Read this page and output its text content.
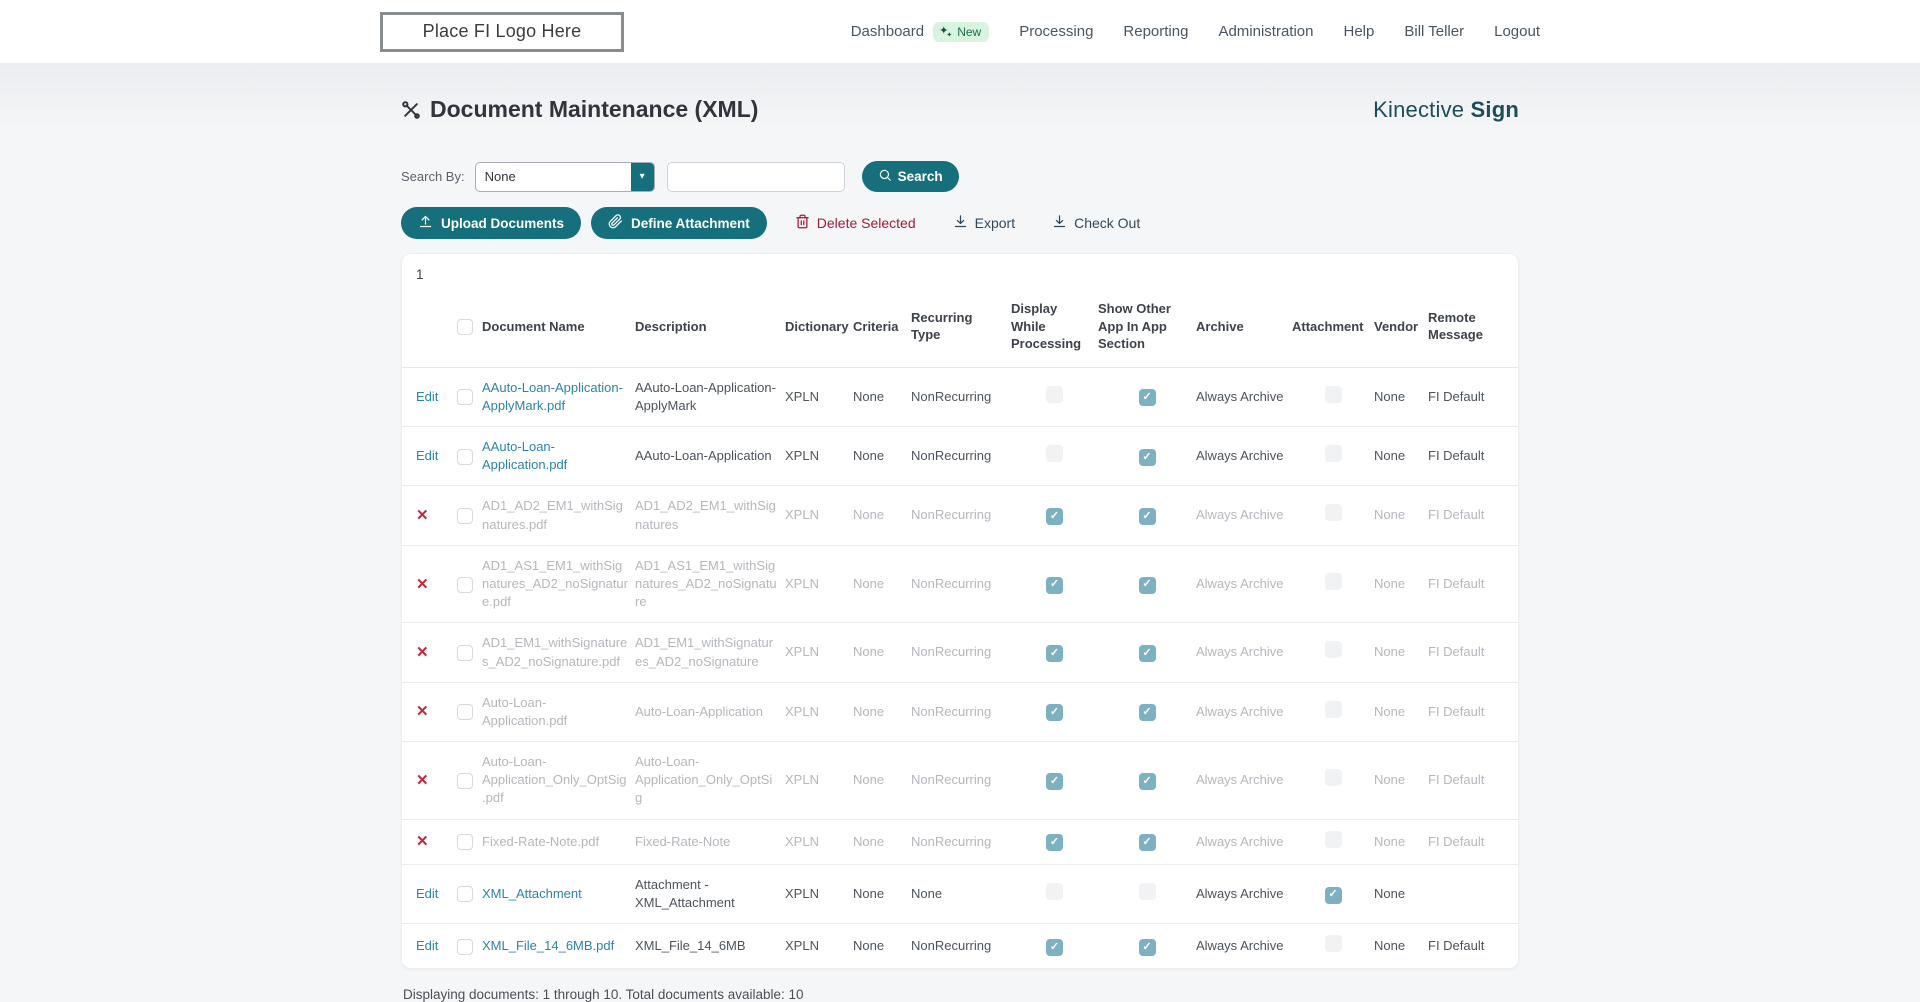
Place FI Logo Here	Dashboard $✦_✦$ New	Processing Reporting Administration Help Bill Teller Logout
Document Maintenance (XML)	Kinective Sign
Search By:	None	▾	Search
Upload Documents	Define Attachment	Delete Selected	Export	Check Out
1
		Document Name	Description	Dictionary	Criteria	Recurring Type	Display While Processing	Show Other App In App Section	Archive	Attachment	Vendor	Remote Message
Edit		AAuto-Loan-Application-ApplyMark.pdf	AAuto-Loan-Application-ApplyMark	XPLN	None	NonRecurring		✓	Always Archive		None	FI Default
Edit		AAuto-Loan-Application.pdf	AAuto-Loan-Application	XPLN	None	NonRecurring		✓	Always Archive		None	FI Default
✕		AD1_AD2_EM1_withSignatures.pdf	AD1_AD2_EM1_withSignatures	XPLN	None	NonRecurring	✓	✓	Always Archive		None	FI Default
✕		AD1_AS1_EM1_withSignatures_AD2_noSignature.pdf	AD1_AS1_EM1_withSignatures_AD2_noSignature	XPLN	None	NonRecurring	✓	✓	Always Archive		None	FI Default
✕		AD1_EM1_withSignatures_AD2_noSignature.pdf	AD1_EM1_withSignatures_AD2_noSignature	XPLN	None	NonRecurring	✓	✓	Always Archive		None	FI Default
✕		Auto-Loan-Application.pdf	Auto-Loan-Application	XPLN	None	NonRecurring	✓	✓	Always Archive		None	FI Default
✕		Auto-Loan-Application_Only_OptSig.pdf	Auto-Loan-Application_Only_OptSig	XPLN	None	NonRecurring	✓	✓	Always Archive		None	FI Default
✕		Fixed-Rate-Note.pdf	Fixed-Rate-Note	XPLN	None	NonRecurring	✓	✓	Always Archive		None	FI Default
Edit		XML_Attachment	Attachment - XML_Attachment	XPLN	None	None			Always Archive	✓	None	
Edit		XML_File_14_6MB.pdf	XML_File_14_6MB	XPLN	None	NonRecurring	✓	✓	Always Archive		None	FI Default
Displaying documents: 1 through 10. Total documents available: 10
